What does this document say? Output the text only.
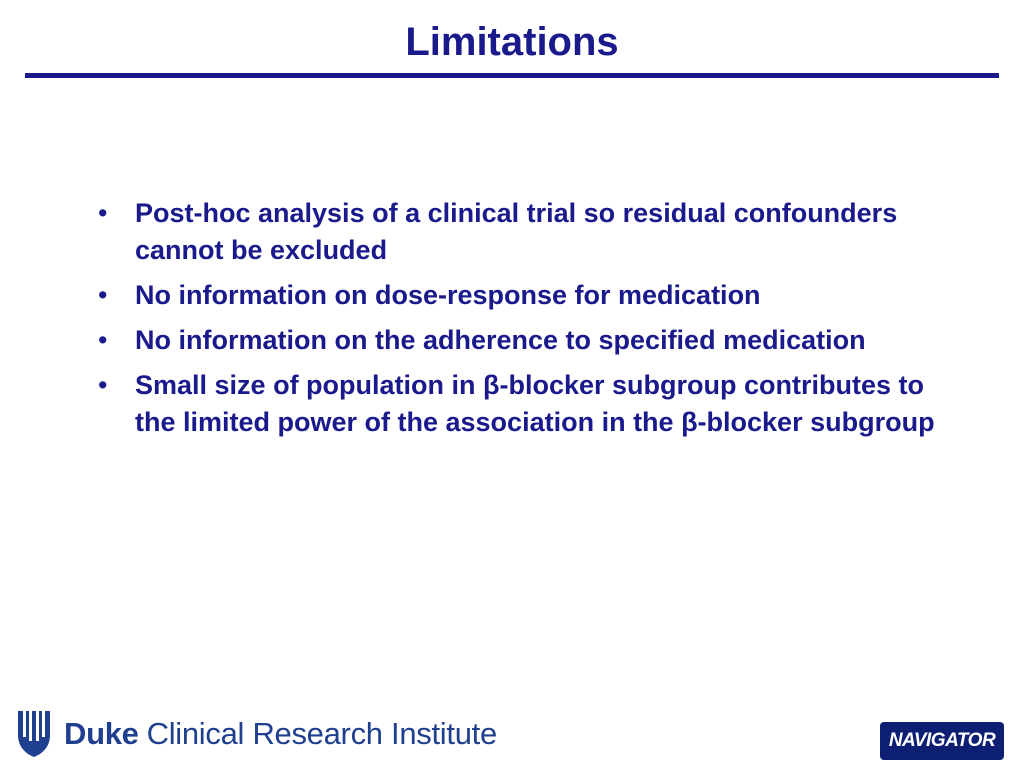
Limitations
• Post-hoc analysis of a clinical trial so residual confounders cannot be excluded
• No information on dose-response for medication
• No information on the adherence to specified medication
• Small size of population in β-blocker subgroup contributes to the limited power of the association in the β-blocker subgroup
Duke Clinical Research Institute	NAVIGATOR
